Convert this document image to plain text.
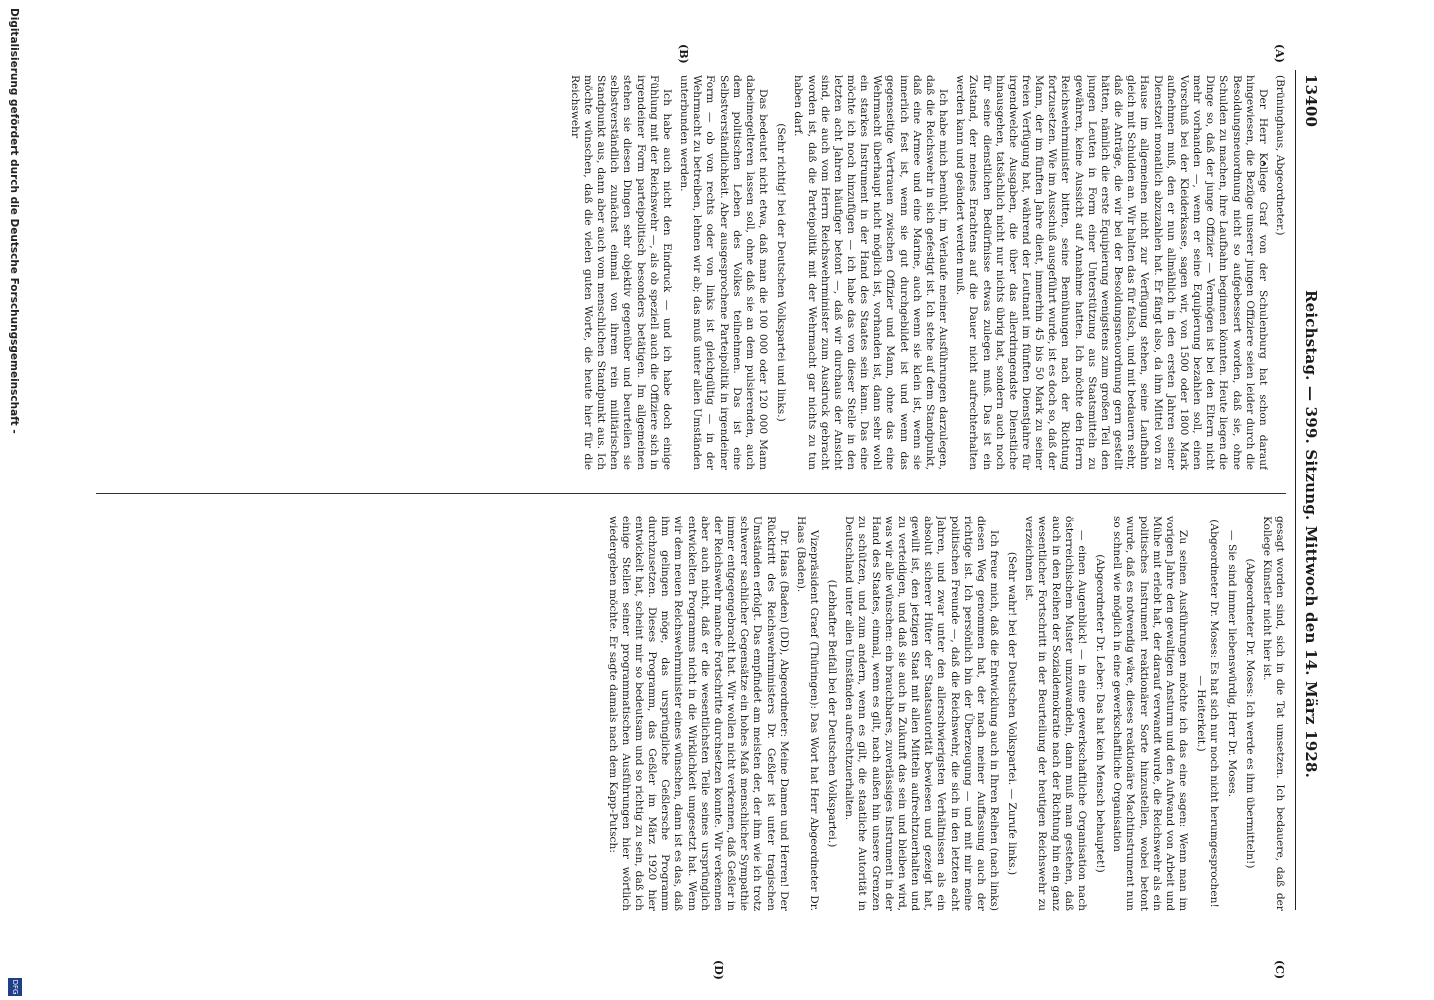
13400
Reichstag. — 399. Sitzung. Mittwoch den 14. März 1928.
(A)
(B)
(C)
(D)

(Brüninghaus, Abgeordneter.)

Der Herr Kollege Graf von der Schulenburg hat schon darauf hingewiesen, die Bezüge unserer jungen Offiziere seien leider durch die Besoldungsneuordnung nicht so aufgebessert worden, daß sie, ohne Schulden zu machen, ihre Laufbahn beginnen könnten. Heute liegen die Dinge so, daß der junge Offizier — Vermögen ist bei den Eltern nicht mehr vorhanden —, wenn er seine Equipierung bezahlen soll, einen Vorschuß bei der Kleiderkasse, sagen wir, von 1500 oder 1800 Mark aufnehmen muß, den er nun allmählich in den ersten Jahren seiner Dienstzeit monatlich abzuzahlen hat. Er fängt also, da ihm Mittel von zu Hause im allgemeinen nicht zur Verfügung stehen, seine Laufbahn gleich mit Schulden an. Wir halten das für falsch, und mit bedauern sehr, daß die Anträge, die wir bei der Besoldungsneuordnung gern gestellt hätten, nämlich die erste Equipierung wenigstens zum großen Teil den jungen Leuten in Form einer Unterstützung aus Staatsmitteln zu gewähren, keine Aussicht auf Annahme hatten. Ich möchte den Herrn Reichswehrminister bitten, seine Bemühungen nach der Richtung fortzusetzen. Wie im Ausschuß ausgeführt wurde, ist es doch so, daß der Mann, der im fünften Jahre dient, immerhin 45 bis 50 Mark zu seiner freien Verfügung hat, während der Leutnant im fünften Dienstjahre für irgendwelche Ausgaben, die über das allerdringendste Dienstliche hinausgehen, tatsächlich nicht nur nichts übrig hat, sondern auch noch für seine dienstlichen Bedürfnisse etwas zulegen muß. Das ist ein Zustand, der meines Erachtens auf die Dauer nicht aufrechterhalten werden kann und geändert werden muß.

Ich habe mich bemüht, im Verlaufe meiner Ausführungen darzulegen, daß die Reichswehr in sich gefestigt ist. Ich stehe auf dem Standpunkt, daß eine Armee und eine Marine, auch wenn sie klein ist, wenn sie innerlich fest ist, wenn sie gut durchgebildet ist und wenn das gegenseitige Vertrauen zwischen Offizier und Mann, ohne das eine Wehrmacht überhaupt nicht möglich ist, vorhanden ist, dann sehr wohl ein starkes Instrument in der Hand des Staates sein kann. Das eine möchte ich noch hinzufügen — ich habe das von dieser Stelle in den letzten acht Jahren häufiger betont —, daß wir durchaus der Ansicht sind, die auch vom Herrn Reichswehrminister zum Ausdruck gebracht worden ist, daß die Parteipolitik mit der Wehrmacht gar nichts zu tun haben darf.

(Sehr richtig! bei der Deutschen Volkspartei und links.)

Das bedeutet nicht etwa, daß man die 100 000 oder 120 000 Mann dabeimegelteren lassen soll, ohne daß sie an dem pulsierenden, auch dem politischen Leben des Volkes teilnehmen. Das ist eine Selbstverständlichkeit. Aber ausgesprochene Parteipolitik in irgendeiner Form — ob von rechts oder von links ist gleichgültig — in der Wehrmacht zu betreiben, lehnen wir ab; das muß unter allen Umständen unterbunden werden.

Ich habe auch nicht den Eindruck — und ich habe doch einige Fühlung mit der Reichswehr —, als ob speziell auch die Offiziere sich in irgendeiner Form parteipolitisch besonders betätigen. Im allgemeinen stehen sie diesen Dingen sehr objektiv gegenüber und beurteilen sie selbstverständlich zunächst einmal von ihrem rein militärischen Standpunkt aus, dann aber auch vom menschlichen Standpunkt aus. Ich möchte wünschen, daß die vielen guten Worte, die heute hier für die Reichswehr

gesagt worden sind, sich in die Tat umsetzen. Ich bedauere, daß der Kollege Künstler nicht hier ist.

(Abgeordneter Dr. Moses: Ich werde es ihm übermitteln!)

— Sie sind immer liebenswürdig, Herr Dr. Moses.

(Abgeordneter Dr. Moses: Es hat sich nur noch nicht herumgesprochen! — Heiterkeit.)

Zu seinen Ausführungen möchte ich das eine sagen: Wenn man im vorigen Jahre den gewaltigen Ansturm und den Aufwand von Arbeit und Mühe mit erlebt hat, der darauf verwandt wurde, die Reichswehr als ein politisches Instrument reaktionärer Sorte hinzustellen, wobei betont wurde, daß es notwendig wäre, dieses reaktionäre Machtinstrument nun so schnell wie möglich in eine gewerkschaftliche Organisation

(Abgeordneter Dr. Leber: Das hat kein Mensch behauptet!)

— einen Augenblick! — in eine gewerkschaftliche Organisation nach österreichischem Muster umzuwandeln, dann muß man gestehen, daß auch in den Reihen der Sozialdemokratie nach der Richtung hin ein ganz wesentlicher Fortschritt in der Beurteilung der heutigen Reichswehr zu verzeichnen ist.

(Sehr wahr! bei der Deutschen Volkspartei. — Zurufe links.)

Ich freue mich, daß die Entwicklung auch in Ihren Reihen (nach links) diesen Weg genommen hat, der nach meiner Auffassung auch der richtige ist. Ich persönlich bin der Überzeugung — und mit mir meine politischen Freunde —, daß die Reichswehr, die sich in den letzten acht Jahren, und zwar unter den allerschwierigsten Verhältnissen als ein absolut sicherer Hüter der Staatsautorität bewiesen und gezeigt hat, gewillt ist, den jetzigen Staat mit allen Mitteln aufrechtzuerhalten und zu verteidigen, und daß sie auch in Zukunft das sein und bleiben wird, was wir alle wünschen: ein brauchbares, zuverlässiges Instrument in der Hand des Staates, einmal, wenn es gilt, nach außen hin unsere Grenzen zu schützen, und zum andern, wenn es gilt, die staatliche Autorität in Deutschland unter allen Umständen aufrechtzuerhalten.

(Lebhafter Beifall bei der Deutschen Volkspartei.)

Vizepräsident Graef (Thüringen): Das Wort hat Herr Abgeordneter Dr. Haas (Baden).

Dr. Haas (Baden) (DD), Abgeordneter: Meine Damen und Herren! Der Rücktritt des Reichswehrministers Dr. Geßler ist unter tragischen Umständen erfolgt. Das empfindet am meisten der, der ihm wie ich trotz schwerer sachlicher Gegensätze ein hohes Maß menschlicher Sympathie immer entgegengebracht hat. Wir wollen nicht verkennen, daß Geßler in der Reichswehr manche Fortschritte durchsetzen konnte. Wir verkennen aber auch nicht, daß er die wesentlichsten Teile seines ursprünglich entwickelten Programms nicht in die Wirklichkeit umgesetzt hat. Wenn wir dem neuen Reichswehrminister eines wünschen, dann ist es das, daß ihm gelingen möge, das ursprüngliche Geßlersche Programm durchzusetzen. Dieses Programm, das Geßler im März 1920 hier entwickelt hat, scheint mir so bedeutsam und so richtig zu sein, daß ich einige Stellen seiner programmatischen Ausführungen hier wörtlich wiedergeben möchte. Er sagte damals nach dem Kapp-Putsch:

Digitalisierung gefördert durch die Deutsche Forschungsgemeinschaft -
DFG
